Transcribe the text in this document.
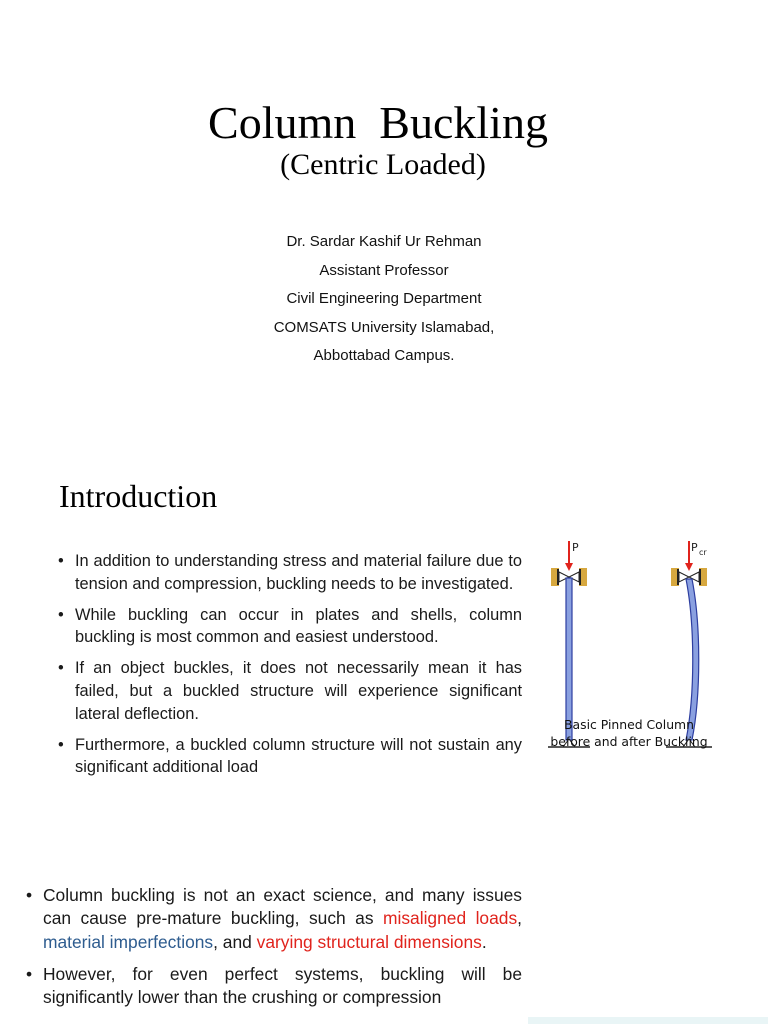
Column  Buckling
(Centric Loaded)
Dr. Sardar Kashif Ur Rehman
Assistant Professor
Civil Engineering Department
COMSATS University Islamabad,
Abbottabad Campus.
Introduction
• In addition to understanding stress and material failure due to tension and compression, buckling needs to be investigated.
• While buckling can occur in plates and shells, column buckling is most common and easiest understood.
• If an object buckles, it does not necessarily mean it has failed, but a buckled structure will experience significant lateral deflection.
• Furthermore, a buckled column structure will not sustain any significant additional load
P	P cr
Basic Pinned Column
before and after Buckling
• Column buckling is not an exact science, and many issues can cause pre-mature buckling, such as misaligned loads, material imperfections, and varying structural dimensions.
• However, for even perfect systems, buckling will be significantly lower than the crushing or compression
